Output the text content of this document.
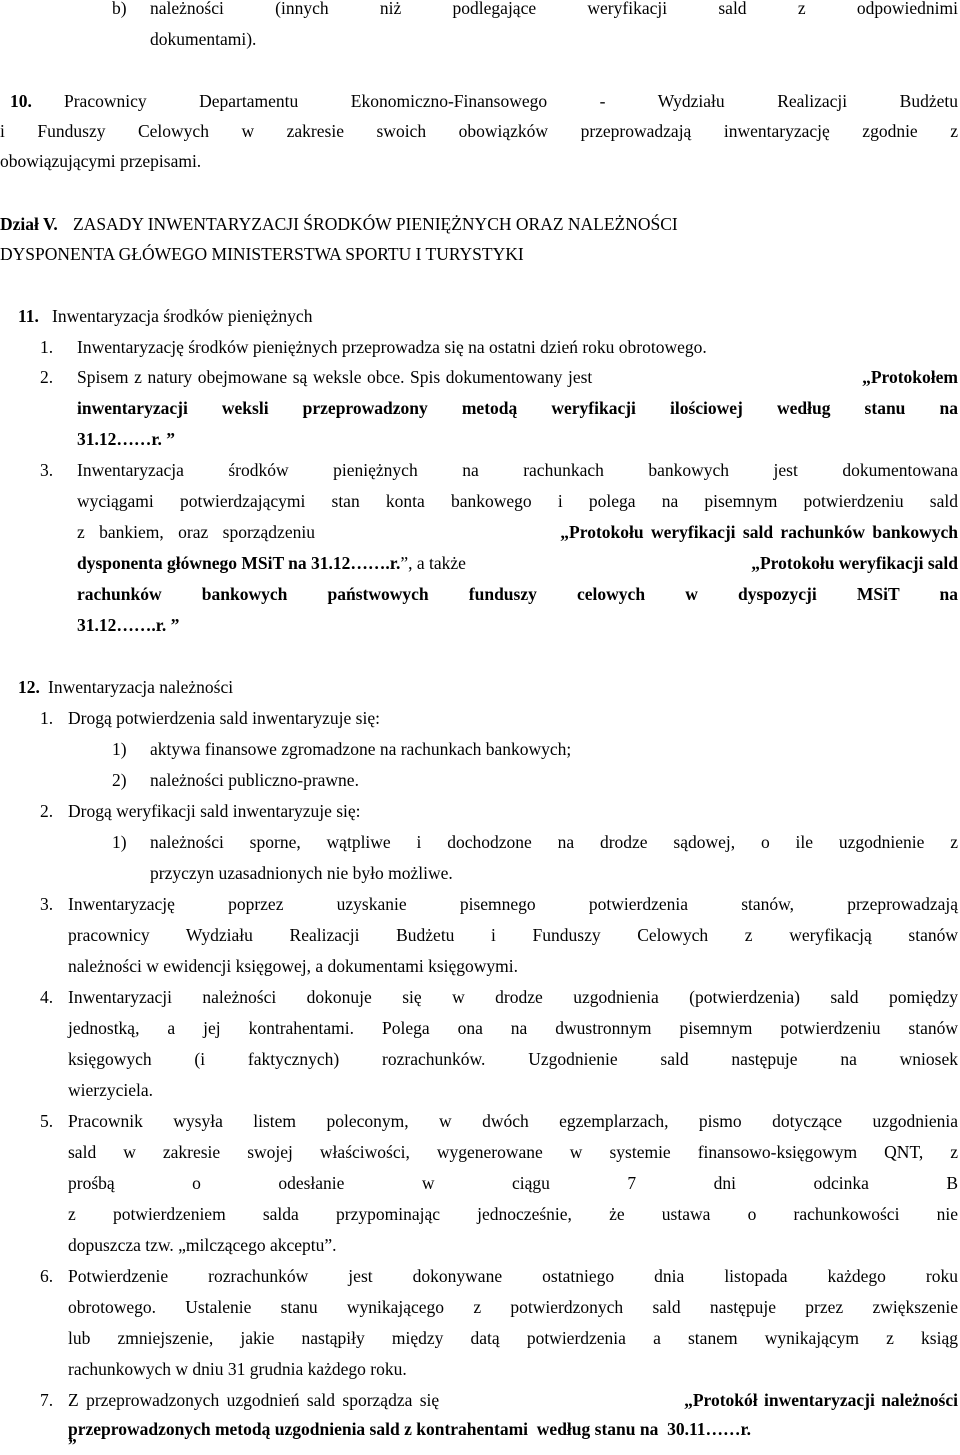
b) należności (innych niż podlegające weryfikacji sald z odpowiednimi
dokumentami).
10. Pracownicy Departamentu Ekonomiczno-Finansowego - Wydziału Realizacji Budżetu
i Funduszy Celowych w zakresie swoich obowiązków przeprowadzają inwentaryzację zgodnie z
obowiązującymi przepisami.
Dział V. ZASADY INWENTARYZACJI ŚRODKÓW PIENIĘŻNYCH ORAZ NALEŻNOŚCI
DYSPONENTA GŁÓWEGO MINISTERSTWA SPORTU I TURYSTYKI
11. Inwentaryzacja środków pieniężnych
1. Inwentaryzację środków pieniężnych przeprowadza się na ostatni dzień roku obrotowego.
2. Spisem z natury obejmowane są weksle obce. Spis dokumentowany jest	„Protokołem
inwentaryzacji weksli przeprowadzony metodą weryfikacji ilościowej według stanu na
31.12……r. ”
3. Inwentaryzacja środków pieniężnych na rachunkach bankowych jest dokumentowana
wyciągami potwierdzającymi stan konta bankowego i polega na pisemnym potwierdzeniu sald
z bankiem, oraz sporządzeniu	„Protokołu weryfikacji sald rachunków bankowych
dysponenta głównego MSiT na 31.12…….r.”, a także	„Protokołu weryfikacji sald
rachunków bankowych państwowych funduszy celowych w dyspozycji MSiT na
31.12…….r. ”
12. Inwentaryzacja należności
1. Drogą potwierdzenia sald inwentaryzuje się:
1) aktywa finansowe zgromadzone na rachunkach bankowych;
2) należności publiczno-prawne.
2. Drogą weryfikacji sald inwentaryzuje się:
1) należności sporne, wątpliwe i dochodzone na drodze sądowej, o ile uzgodnienie z
przyczyn uzasadnionych nie było możliwe.
3. Inwentaryzację poprzez uzyskanie pisemnego potwierdzenia stanów, przeprowadzają
pracownicy Wydziału Realizacji Budżetu i Funduszy Celowych z weryfikacją stanów
należności w ewidencji księgowej, a dokumentami księgowymi.
4. Inwentaryzacji należności dokonuje się w drodze uzgodnienia (potwierdzenia) sald pomiędzy
jednostką, a jej kontrahentami. Polega ona na dwustronnym pisemnym potwierdzeniu stanów
księgowych (i faktycznych) rozrachunków. Uzgodnienie sald następuje na wniosek
wierzyciela.
5. Pracownik wysyła listem poleconym, w dwóch egzemplarzach, pismo dotyczące uzgodnienia
sald w zakresie swojej właściwości, wygenerowane w systemie finansowo-księgowym QNT, z
prośbą o odesłanie w ciągu 7 dni odcinka B
z potwierdzeniem salda przypominając jednocześnie, że ustawa o rachunkowości nie
dopuszcza tzw. „milczącego akceptu”.
6. Potwierdzenie rozrachunków jest dokonywane ostatniego dnia listopada każdego roku
obrotowego. Ustalenie stanu wynikającego z potwierdzonych sald następuje przez zwiększenie
lub zmniejszenie, jakie nastąpiły między datą potwierdzenia a stanem wynikającym z ksiąg
rachunkowych w dniu 31 grudnia każdego roku.
7. Z przeprowadzonych uzgodnień sald sporządza się	„Protokół inwentaryzacji należności
przeprowadzonych metodą uzgodnienia sald z kontrahentami  według stanu na  30.11……r.
”
